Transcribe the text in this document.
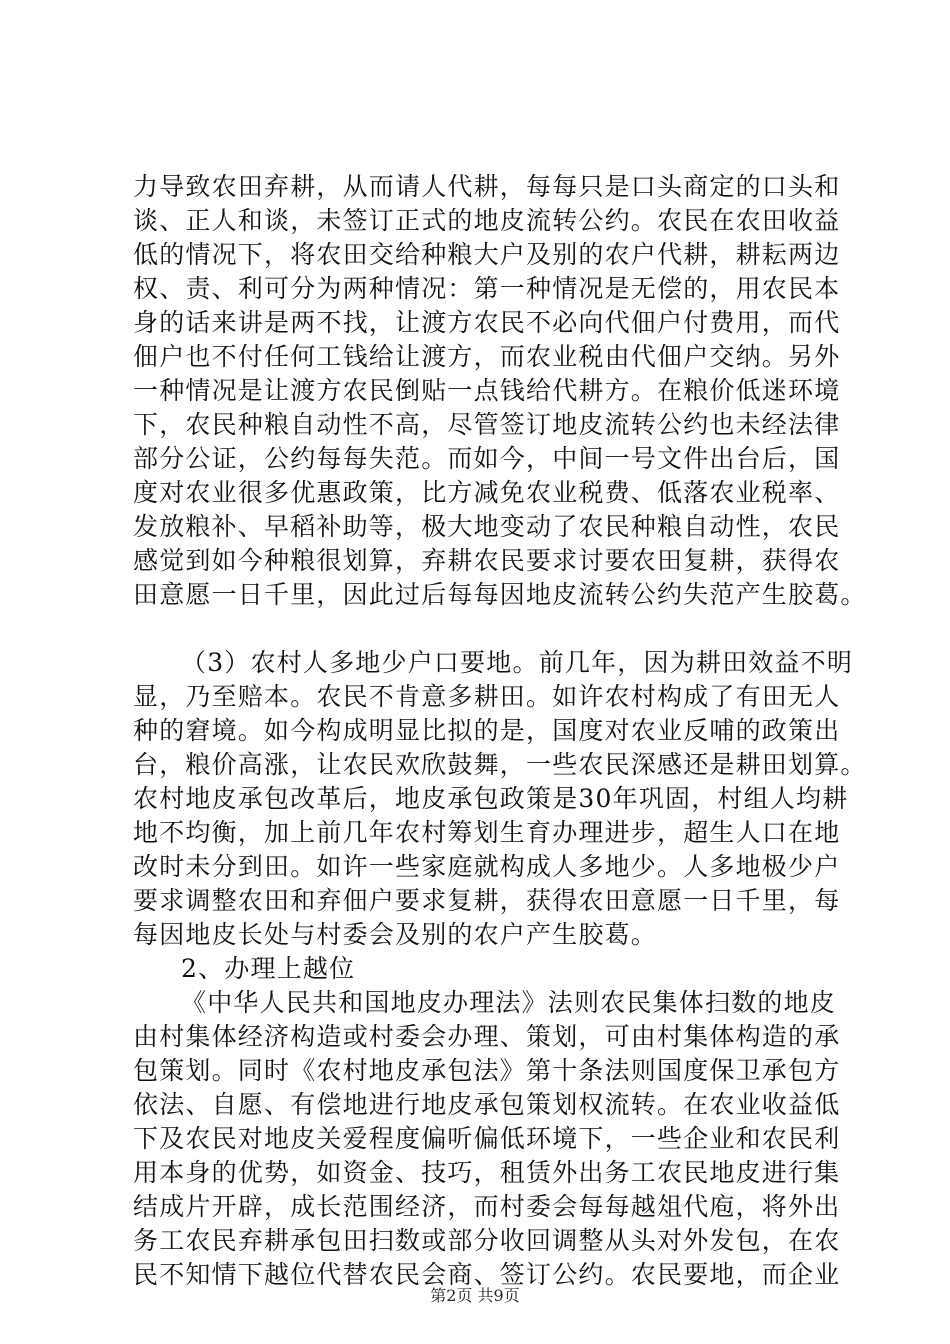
力导致农田弃耕，从而请人代耕，每每只是口头商定的口头和
谈、正人和谈，未签订正式的地皮流转公约。农民在农田收益
低的情况下，将农田交给种粮大户及别的农户代耕，耕耘两边
权、责、利可分为两种情况：第一种情况是无偿的，用农民本
身的话来讲是两不找，让渡方农民不必向代佃户付费用，而代
佃户也不付任何工钱给让渡方，而农业税由代佃户交纳。另外
一种情况是让渡方农民倒贴一点钱给代耕方。在粮价低迷环境
下，农民种粮自动性不高，尽管签订地皮流转公约也未经法律
部分公证，公约每每失范。而如今，中间一号文件出台后，国
度对农业很多优惠政策，比方减免农业税费、低落农业税率、
发放粮补、早稻补助等，极大地变动了农民种粮自动性，农民
感觉到如今种粮很划算，弃耕农民要求讨要农田复耕，获得农
田意愿一日千里，因此过后每每因地皮流转公约失范产生胶葛。
（3）农村人多地少户口要地。前几年，因为耕田效益不明
显，乃至赔本。农民不肯意多耕田。如许农村构成了有田无人
种的窘境。如今构成明显比拟的是，国度对农业反哺的政策出
台，粮价高涨，让农民欢欣鼓舞，一些农民深感还是耕田划算。
农村地皮承包改革后，地皮承包政策是30年巩固，村组人均耕
地不均衡，加上前几年农村筹划生育办理进步，超生人口在地
改时未分到田。如许一些家庭就构成人多地少。人多地极少户
要求调整农田和弃佃户要求复耕，获得农田意愿一日千里，每
每因地皮长处与村委会及别的农户产生胶葛。
2、办理上越位
《中华人民共和国地皮办理法》法则农民集体扫数的地皮
由村集体经济构造或村委会办理、策划，可由村集体构造的承
包策划。同时《农村地皮承包法》第十条法则国度保卫承包方
依法、自愿、有偿地进行地皮承包策划权流转。在农业收益低
下及农民对地皮关爱程度偏听偏低环境下，一些企业和农民利
用本身的优势，如资金、技巧，租赁外出务工农民地皮进行集
结成片开辟，成长范围经济，而村委会每每越俎代庖，将外出
务工农民弃耕承包田扫数或部分收回调整从头对外发包，在农
民不知情下越位代替农民会商、签订公约。农民要地，而企业
第2页 共9页
